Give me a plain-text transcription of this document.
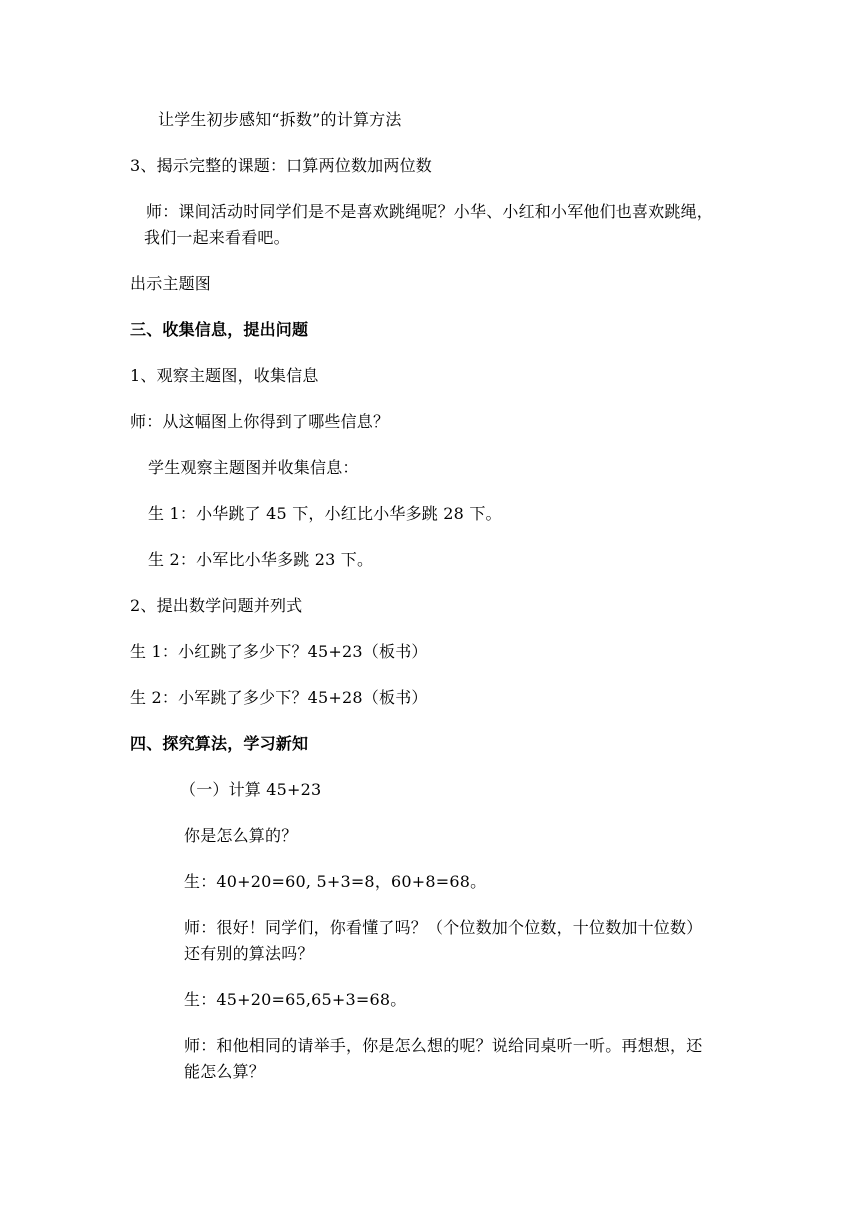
让学生初步感知“拆数”的计算方法
3、揭示完整的课题：口算两位数加两位数
师：课间活动时同学们是不是喜欢跳绳呢？小华、小红和小军他们也喜欢跳绳，
我们一起来看看吧。
出示主题图
三、收集信息，提出问题
1、观察主题图，收集信息
师：从这幅图上你得到了哪些信息？
学生观察主题图并收集信息：
生 1：小华跳了 45 下，小红比小华多跳 28 下。
生 2：小军比小华多跳 23 下。
2、提出数学问题并列式
生 1：小红跳了多少下？45+23（板书）
生 2：小军跳了多少下？45+28（板书）
四、探究算法，学习新知
（一）计算 45+23
你是怎么算的？
生：40+20=60, 5+3=8，60+8=68。
师：很好！同学们，你看懂了吗？（个位数加个位数，十位数加十位数）
还有别的算法吗？
生：45+20=65,65+3=68。
师：和他相同的请举手，你是怎么想的呢？说给同桌听一听。再想想，还
能怎么算？
